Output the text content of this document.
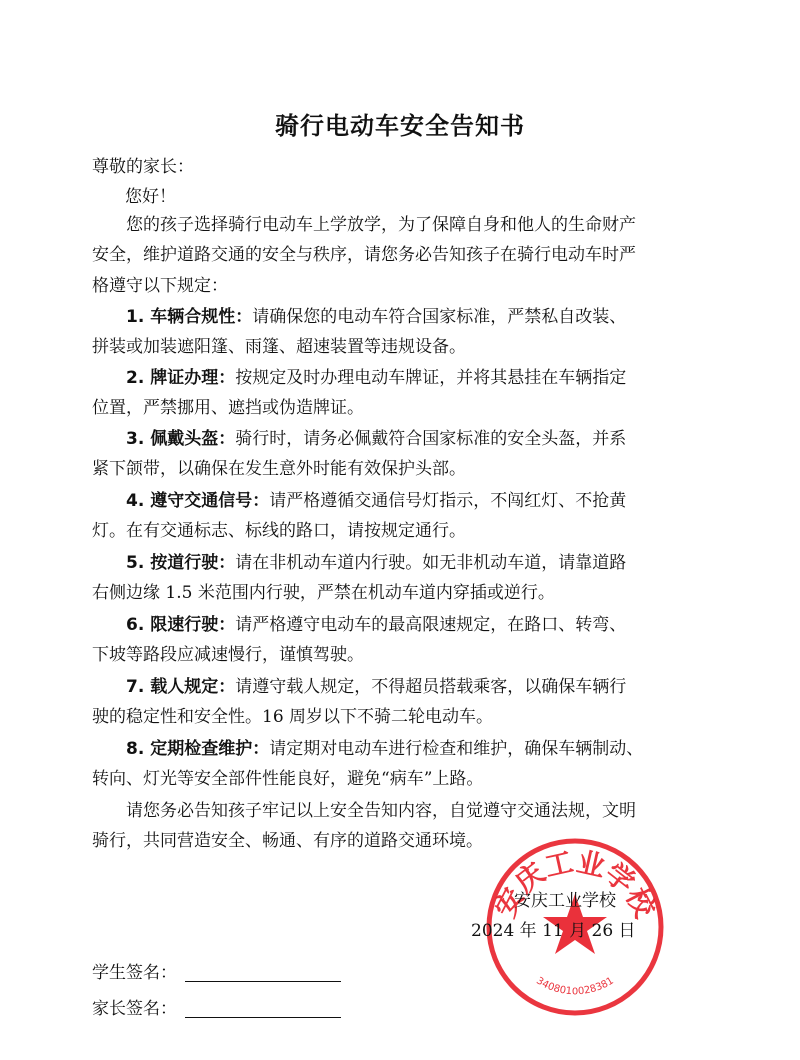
骑行电动车安全告知书
尊敬的家长：
您好！
您的孩子选择骑行电动车上学放学，为了保障自身和他人的生命财产
安全，维护道路交通的安全与秩序，请您务必告知孩子在骑行电动车时严
格遵守以下规定：
1. 车辆合规性：请确保您的电动车符合国家标准，严禁私自改装、
拼装或加装遮阳篷、雨篷、超速装置等违规设备。
2. 牌证办理：按规定及时办理电动车牌证，并将其悬挂在车辆指定
位置，严禁挪用、遮挡或伪造牌证。
3. 佩戴头盔：骑行时，请务必佩戴符合国家标准的安全头盔，并系
紧下颌带，以确保在发生意外时能有效保护头部。
4. 遵守交通信号：请严格遵循交通信号灯指示，不闯红灯、不抢黄
灯。在有交通标志、标线的路口，请按规定通行。
5. 按道行驶：请在非机动车道内行驶。如无非机动车道，请靠道路
右侧边缘 1.5 米范围内行驶，严禁在机动车道内穿插或逆行。
6. 限速行驶：请严格遵守电动车的最高限速规定，在路口、转弯、
下坡等路段应减速慢行，谨慎驾驶。
7. 载人规定：请遵守载人规定，不得超员搭载乘客，以确保车辆行
驶的稳定性和安全性。16 周岁以下不骑二轮电动车。
8. 定期检查维护：请定期对电动车进行检查和维护，确保车辆制动、
转向、灯光等安全部件性能良好，避免“病车”上路。
请您务必告知孩子牢记以上安全告知内容，自觉遵守交通法规，文明
骑行，共同营造安全、畅通、有序的道路交通环境。
安庆工业学校
3408010028381
安庆工业学校
2024 年 11 月 26 日
学生签名：
家长签名：
